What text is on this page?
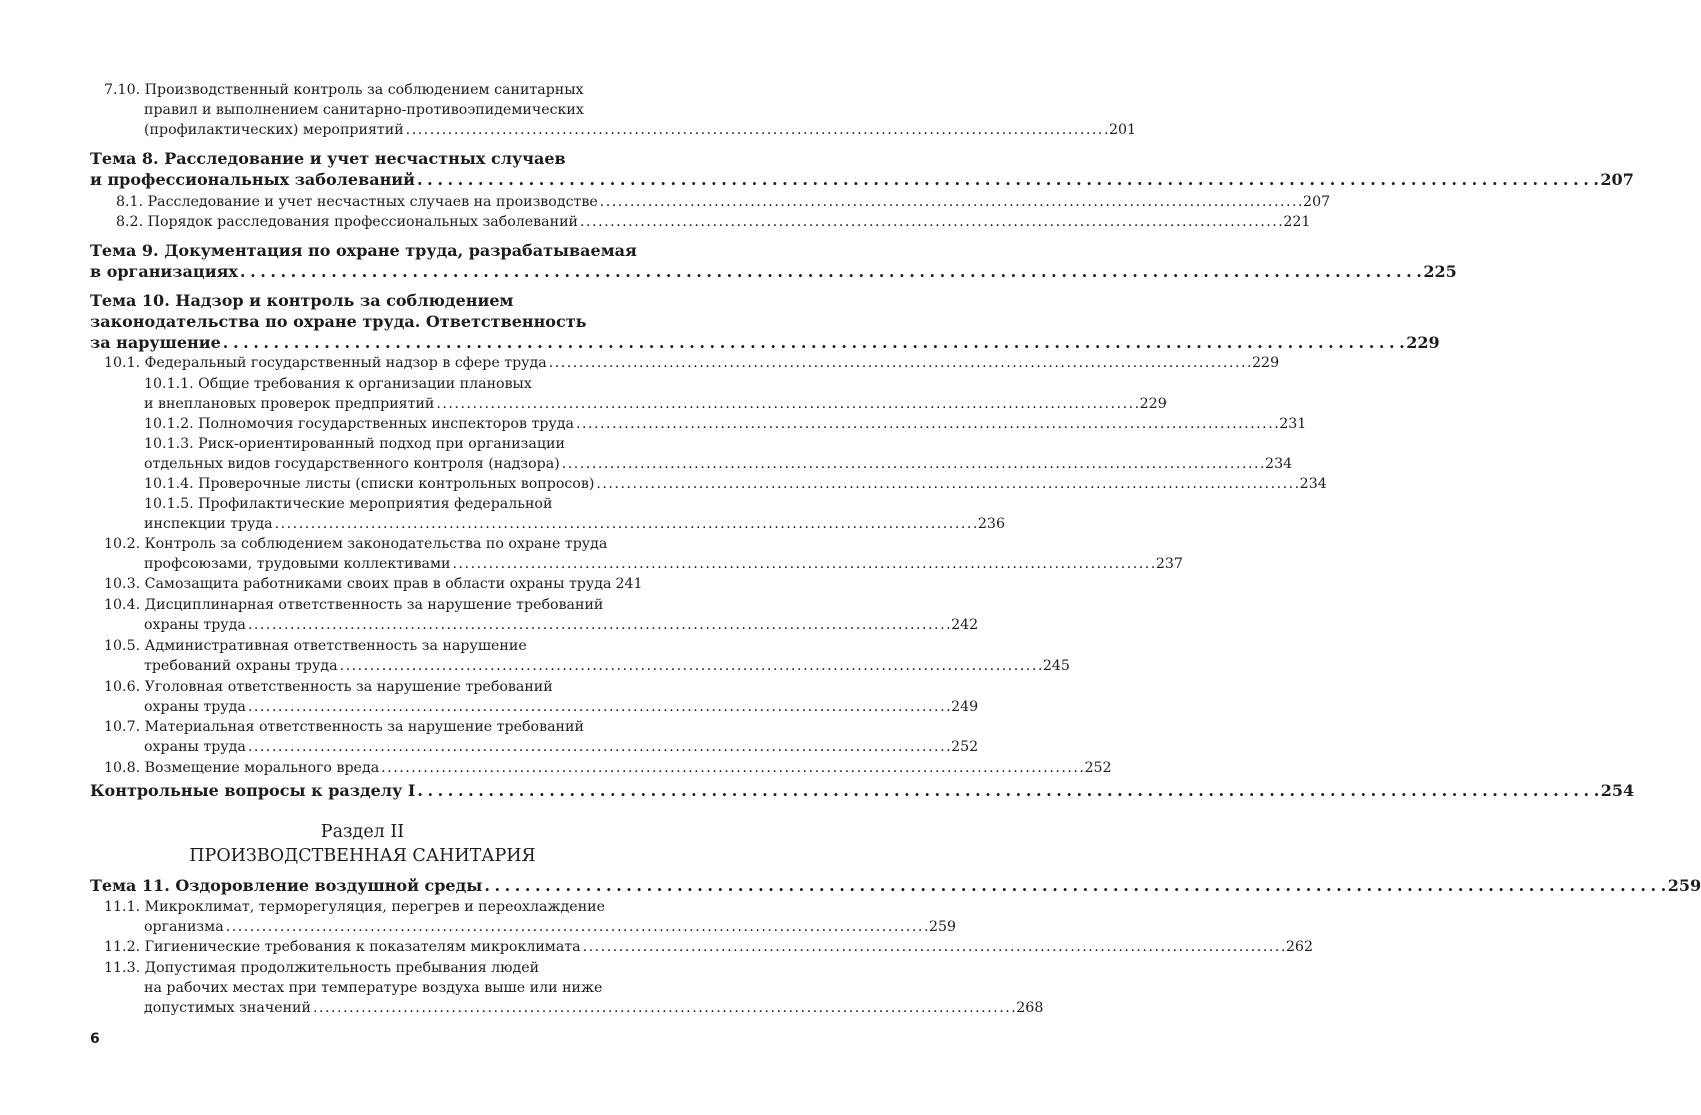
7.10. Производственный контроль за соблюдением санитарных
правил и выполнением санитарно-противоэпидемических
(профилактических) мероприятий . . .	201
Тема 8. Расследование и учет несчастных случаев
и профессиональных заболеваний . . .	207
8.1. Расследование и учет несчастных случаев на производстве . . .	207
8.2. Порядок расследования профессиональных заболеваний . . .	221
Тема 9. Документация по охране труда, разрабатываемая
в организациях . . .	225
Тема 10. Надзор и контроль за соблюдением
законодательства по охране труда. Ответственность
за нарушение . . .	229
10.1. Федеральный государственный надзор в сфере труда . . .	229
10.1.1. Общие требования к организации плановых
и внеплановых проверок предприятий . . .	229
10.1.2. Полномочия государственных инспекторов труда . . .	231
10.1.3. Риск-ориентированный подход при организации
отдельных видов государственного контроля (надзора) . . .	234
10.1.4. Проверочные листы (списки контрольных вопросов) . . .	234
10.1.5. Профилактические мероприятия федеральной
инспекции труда . . .	236
10.2. Контроль за соблюдением законодательства по охране труда
профсоюзами, трудовыми коллективами . . .	237
10.3. Самозащита работниками своих прав в области охраны труда 241
10.4. Дисциплинарная ответственность за нарушение требований
охраны труда . . .	242
10.5. Административная ответственность за нарушение
требований охраны труда . . .	245
10.6. Уголовная ответственность за нарушение требований
охраны труда . . .	249
10.7. Материальная ответственность за нарушение требований
охраны труда . . .	252
10.8. Возмещение морального вреда . . .	252
Контрольные вопросы к разделу I . . .	254
Раздел II
ПРОИЗВОДСТВЕННАЯ САНИТАРИЯ
Тема 11. Оздоровление воздушной среды . . .	259
11.1. Микроклимат, терморегуляция, перегрев и переохлаждение
организма . . .	259
11.2. Гигиенические требования к показателям микроклимата . . .	262
11.3. Допустимая продолжительность пребывания людей
на рабочих местах при температуре воздуха выше или ниже
допустимых значений . . .	268
6
